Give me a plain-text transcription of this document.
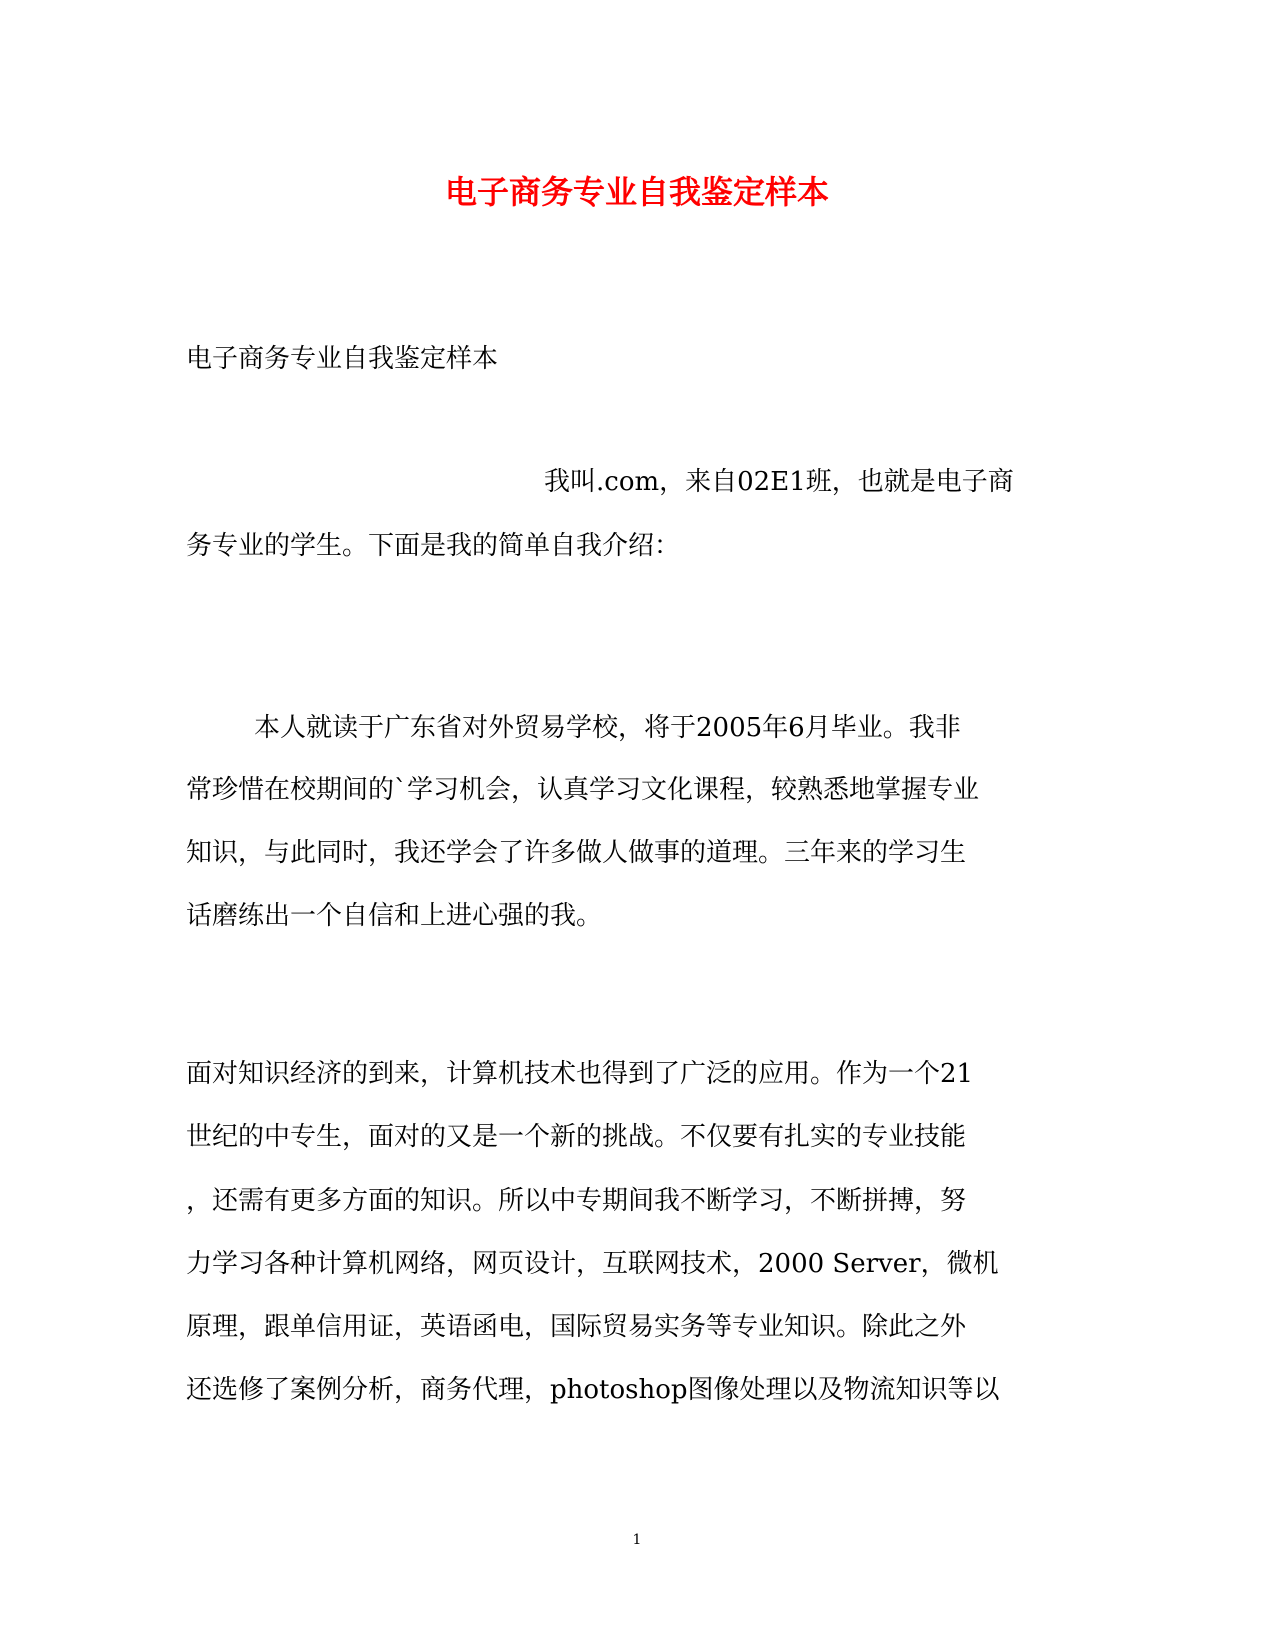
电子商务专业自我鉴定样本

电子商务专业自我鉴定样本

我叫.com，来自02E1班，也就是电子商

务专业的学生。下面是我的简单自我介绍：

本人就读于广东省对外贸易学校，将于2005年6月毕业。我非

常珍惜在校期间的`学习机会，认真学习文化课程，较熟悉地掌握专业

知识，与此同时，我还学会了许多做人做事的道理。三年来的学习生

话磨练出一个自信和上进心强的我。

面对知识经济的到来，计算机技术也得到了广泛的应用。作为一个21

世纪的中专生，面对的又是一个新的挑战。不仅要有扎实的专业技能

，还需有更多方面的知识。所以中专期间我不断学习，不断拼搏，努

力学习各种计算机网络，网页设计，互联网技术，2000 Server，微机

原理，跟单信用证，英语函电，国际贸易实务等专业知识。除此之外

还选修了案例分析，商务代理，photoshop图像处理以及物流知识等以

1
